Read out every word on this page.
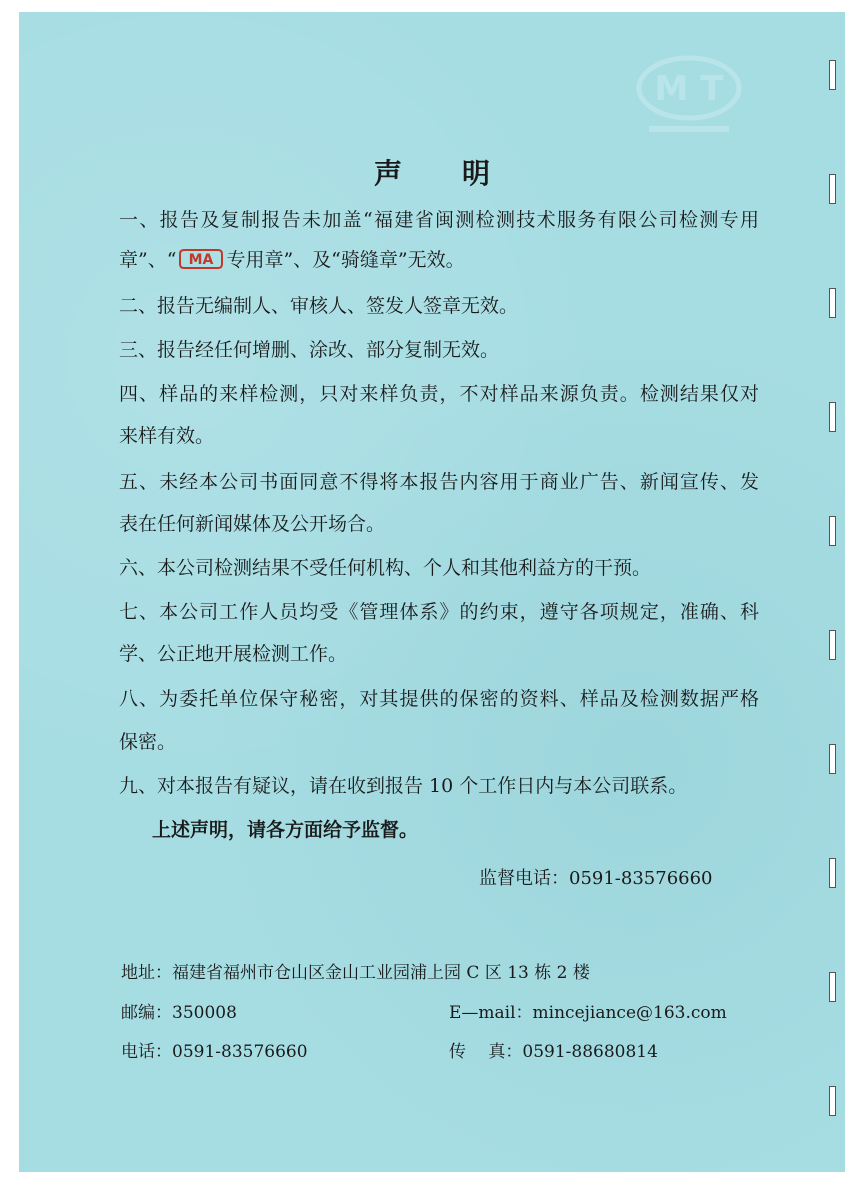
M T
声明
一、报告及复制报告未加盖“福建省闽测检测技术服务有限公司检测专用
章”、“ MA 专用章”、及“骑缝章”无效。
二、报告无编制人、审核人、签发人签章无效。
三、报告经任何增删、涂改、部分复制无效。
四、样品的来样检测，只对来样负责，不对样品来源负责。检测结果仅对
来样有效。
五、未经本公司书面同意不得将本报告内容用于商业广告、新闻宣传、发
表在任何新闻媒体及公开场合。
六、本公司检测结果不受任何机构、个人和其他利益方的干预。
七、本公司工作人员均受《管理体系》的约束，遵守各项规定，准确、科
学、公正地开展检测工作。
八、为委托单位保守秘密，对其提供的保密的资料、样品及检测数据严格
保密。
九、对本报告有疑议，请在收到报告 10 个工作日内与本公司联系。
上述声明，请各方面给予监督。
监督电话：0591-83576660
地址：福建省福州市仓山区金山工业园浦上园 C 区 13 栋 2 楼
邮编：350008	E—mail：mincejiance@163.com
电话：0591-83576660	传　 真：0591-88680814
